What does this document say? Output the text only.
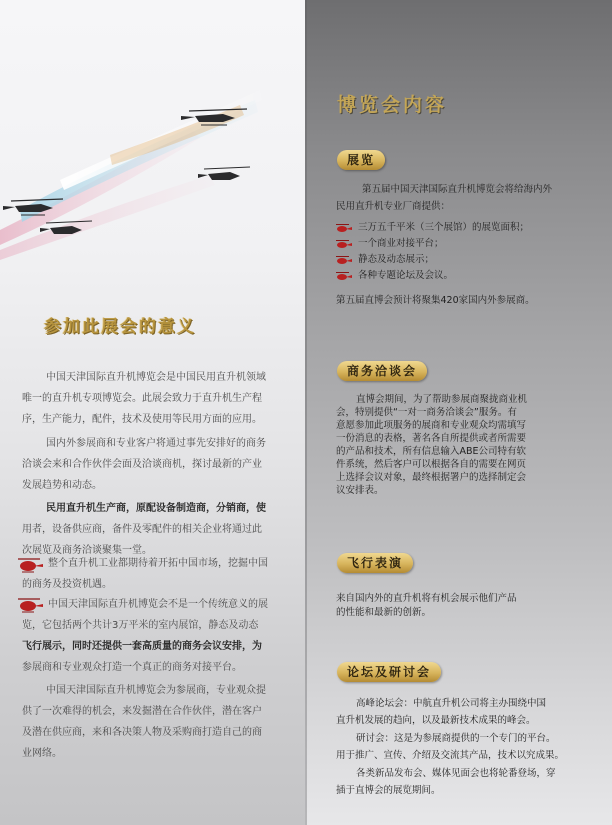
参加此展会的意义
中国天津国际直升机博览会是中国民用直升机领域
唯一的直升机专项博览会。此展会致力于直升机生产程
序，生产能力，配件，技术及使用等民用方面的应用。
国内外参展商和专业客户将通过事先安排好的商务
洽谈会来和合作伙伴会面及洽谈商机，探讨最新的产业
发展趋势和动态。
民用直升机生产商，原配设备制造商，分销商，使
用者，设备供应商，备件及零配件的相关企业将通过此
次展览及商务洽谈聚集一堂。
整个直升机工业都期待着开拓中国市场，挖掘中国
的商务及投资机遇。
中国天津国际直升机博览会不是一个传统意义的展
览，它包括两个共计3万平米的室内展馆，静态及动态
飞行展示，同时还提供一套高质量的商务会议安排，为
参展商和专业观众打造一个真正的商务对接平台。
中国天津国际直升机博览会为参展商，专业观众提
供了一次难得的机会，来发掘潜在合作伙伴，潜在客户
及潜在供应商，来和各决策人物及采购商打造自己的商
业网络。
博览会内容
展览
第五届中国天津国际直升机博览会将给海内外
民用直升机专业厂商提供：
三万五千平米（三个展馆）的展览面积；
一个商业对接平台；
静态及动态展示；
各种专题论坛及会议。
第五届直博会预计将聚集420家国内外参展商。
商务洽谈会
直博会期间，为了帮助参展商聚拢商业机
会，特别提供“一对一商务洽谈会”服务。有
意愿参加此项服务的展商和专业观众均需填写
一份消息的表格，著名各自所提供或者所需要
的产品和技术，所有信息输入ABE公司特有软
件系统，然后客户可以根据各自的需要在网页
上选择会议对象，最终根据署户的选择制定会
议安排表。
飞行表演
来自国内外的直升机将有机会展示他们产品
的性能和最新的创新。
论坛及研讨会
高峰论坛会：中航直升机公司将主办围绕中国
直升机发展的趋向，以及最新技术成果的峰会。
研讨会：这是为参展商提供的一个专门的平台。
用于推广、宣传、介绍及交流其产品，技术以究成果。
各类新品发布会、媒体见面会也将轮番登场，穿
插于直博会的展览期间。
